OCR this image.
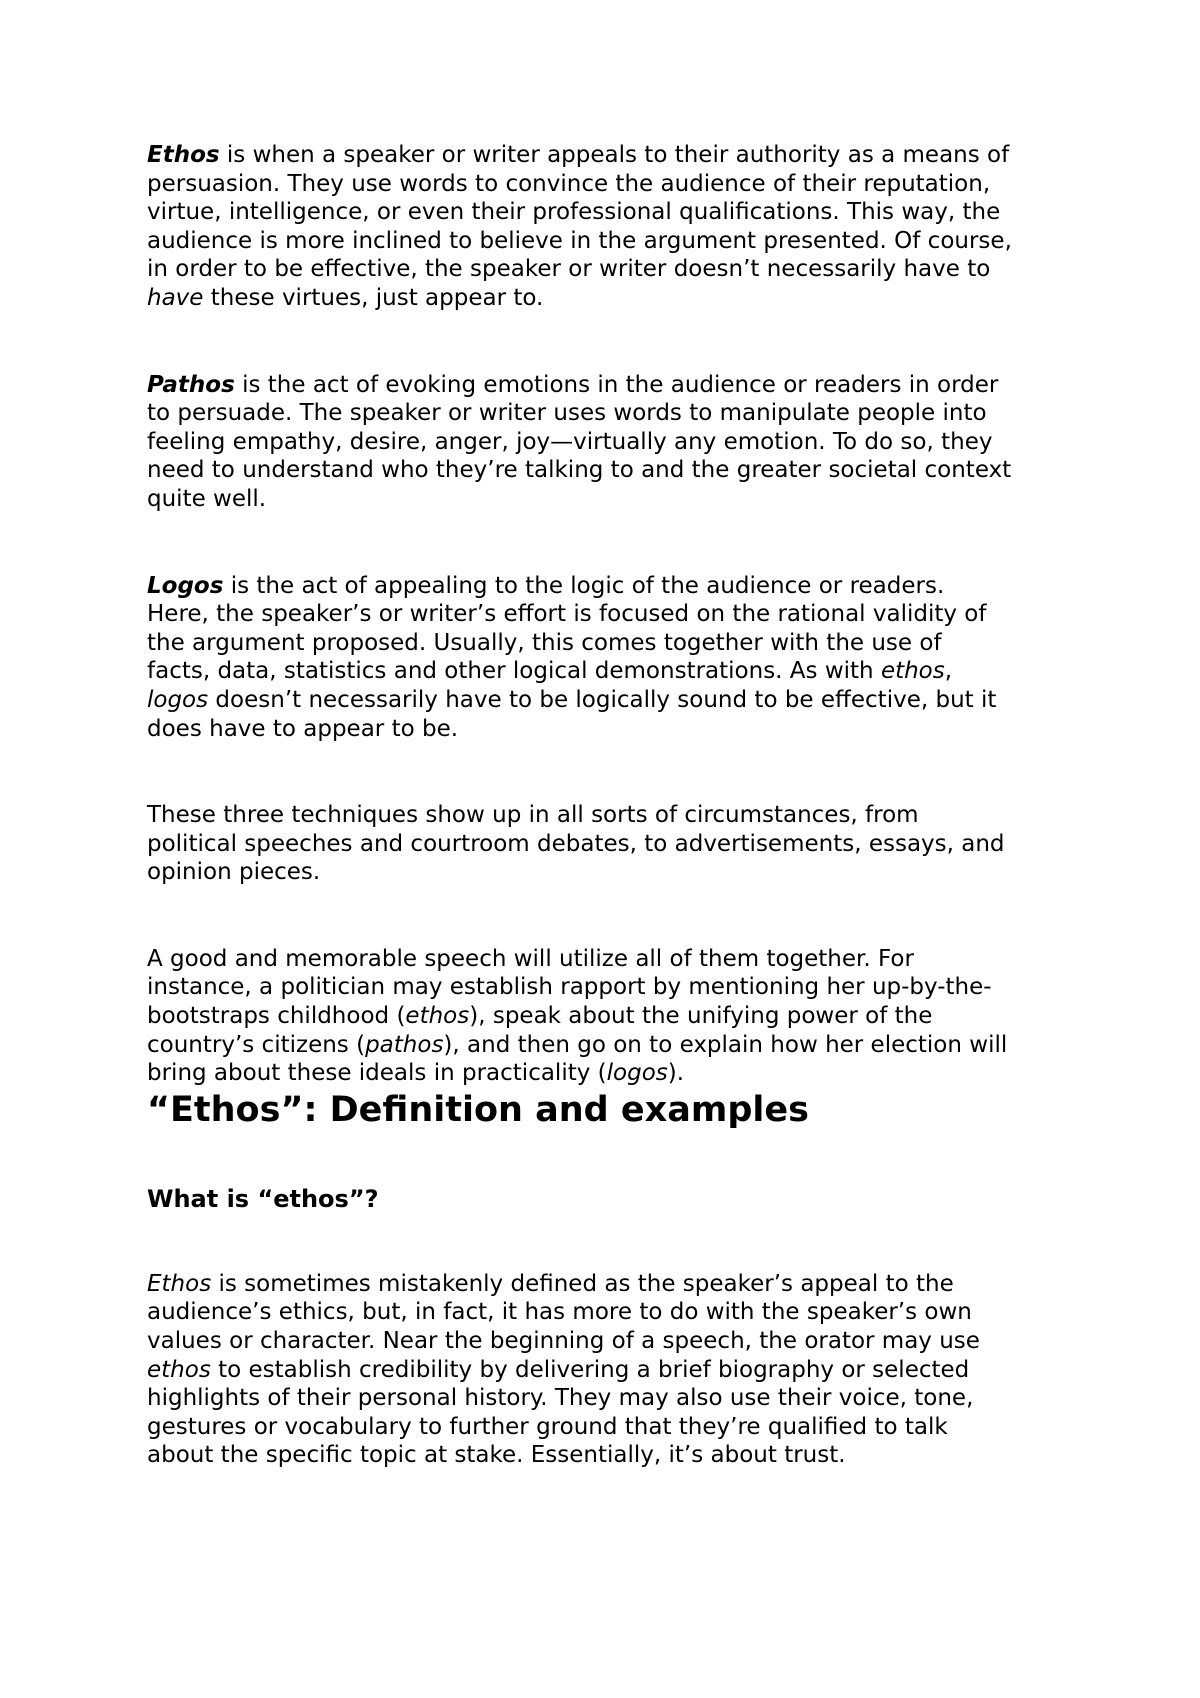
Ethos is when a speaker or writer appeals to their authority as a means of
persuasion. They use words to convince the audience of their reputation,
virtue, intelligence, or even their professional qualifications. This way, the
audience is more inclined to believe in the argument presented. Of course,
in order to be effective, the speaker or writer doesn’t necessarily have to
have these virtues, just appear to.

Pathos is the act of evoking emotions in the audience or readers in order
to persuade. The speaker or writer uses words to manipulate people into
feeling empathy, desire, anger, joy—virtually any emotion. To do so, they
need to understand who they’re talking to and the greater societal context
quite well.

Logos is the act of appealing to the logic of the audience or readers.
Here, the speaker’s or writer’s effort is focused on the rational validity of
the argument proposed. Usually, this comes together with the use of
facts, data, statistics and other logical demonstrations. As with ethos,
logos doesn’t necessarily have to be logically sound to be effective, but it
does have to appear to be.

These three techniques show up in all sorts of circumstances, from
political speeches and courtroom debates, to advertisements, essays, and
opinion pieces.

A good and memorable speech will utilize all of them together. For
instance, a politician may establish rapport by mentioning her up-by-the-
bootstraps childhood (ethos), speak about the unifying power of the
country’s citizens (pathos), and then go on to explain how her election will
bring about these ideals in practicality (logos).

“Ethos”: Definition and examples
What is “ethos”?

Ethos is sometimes mistakenly defined as the speaker’s appeal to the
audience’s ethics, but, in fact, it has more to do with the speaker’s own
values or character. Near the beginning of a speech, the orator may use
ethos to establish credibility by delivering a brief biography or selected
highlights of their personal history. They may also use their voice, tone,
gestures or vocabulary to further ground that they’re qualified to talk
about the specific topic at stake. Essentially, it’s about trust.
